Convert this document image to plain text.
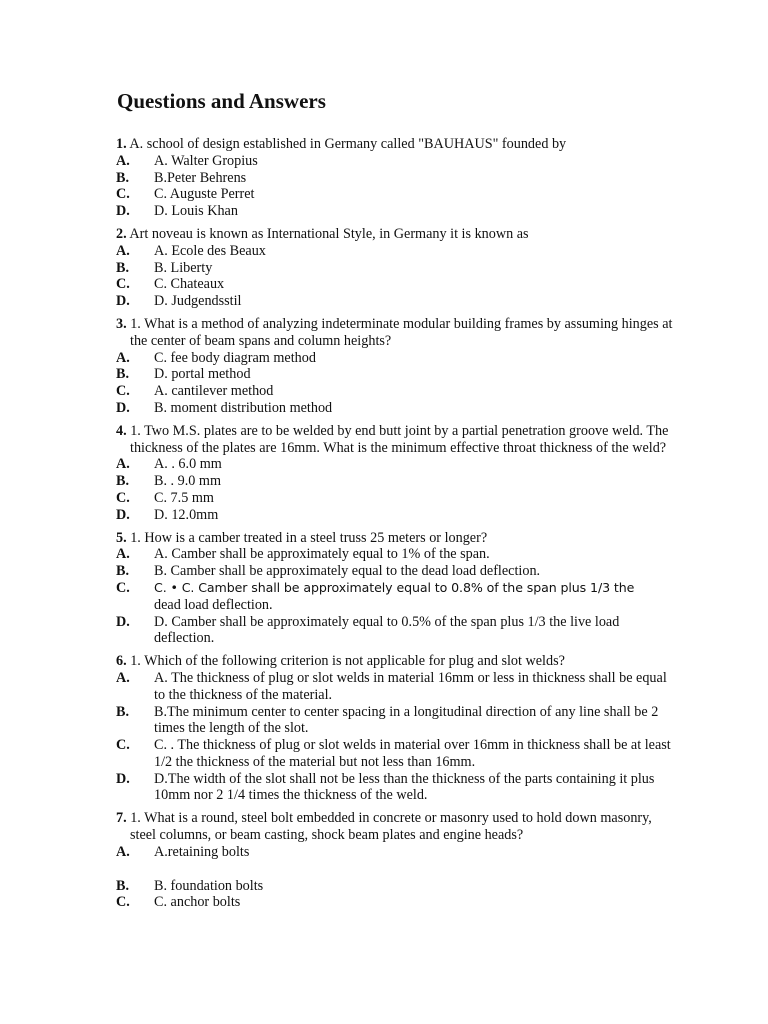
Questions and Answers
1. A. school of design established in Germany called "BAUHAUS" founded by
A.	A. Walter Gropius
B.	B.Peter Behrens
C.	C. Auguste Perret
D.	D. Louis Khan
2. Art noveau is known as International Style, in Germany it is known as
A.	A. Ecole des Beaux
B.	B. Liberty
C.	C. Chateaux
D.	D. Judgendsstil
3. 1. What is a method of analyzing indeterminate modular building frames by assuming hinges at the center of beam spans and column heights?
A.	C. fee body diagram method
B.	D. portal method
C.	A. cantilever method
D.	B. moment distribution method
4. 1. Two M.S. plates are to be welded by end butt joint by a partial penetration groove weld. The thickness of the plates are 16mm. What is the minimum effective throat thickness of the weld?
A.	A. . 6.0 mm
B.	B. . 9.0 mm
C.	C. 7.5 mm
D.	D. 12.0mm
5. 1. How is a camber treated in a steel truss 25 meters or longer?
A.	A. Camber shall be approximately equal to 1% of the span.
B.	B. Camber shall be approximately equal to the dead load deflection.
C.	C. • C. Camber shall be approximately equal to 0.8% of the span plus 1/3 the
dead load deflection.
D.	D. Camber shall be approximately equal to 0.5% of the span plus 1/3 the live load deflection.
6. 1. Which of the following criterion is not applicable for plug and slot welds?
A.	A. The thickness of plug or slot welds in material 16mm or less in thickness shall be equal to the thickness of the material.
B.	B.The minimum center to center spacing in a longitudinal direction of any line shall be 2 times the length of the slot.
C.	C. . The thickness of plug or slot welds in material over 16mm in thickness shall be at least 1/2 the thickness of the material but not less than 16mm.
D.	D.The width of the slot shall not be less than the thickness of the parts containing it plus 10mm nor 2 1/4 times the thickness of the weld.
7. 1. What is a round, steel bolt embedded in concrete or masonry used to hold down masonry, steel columns, or beam casting, shock beam plates and engine heads?
A.	A.retaining bolts
B.	B. foundation bolts
C.	C. anchor bolts
